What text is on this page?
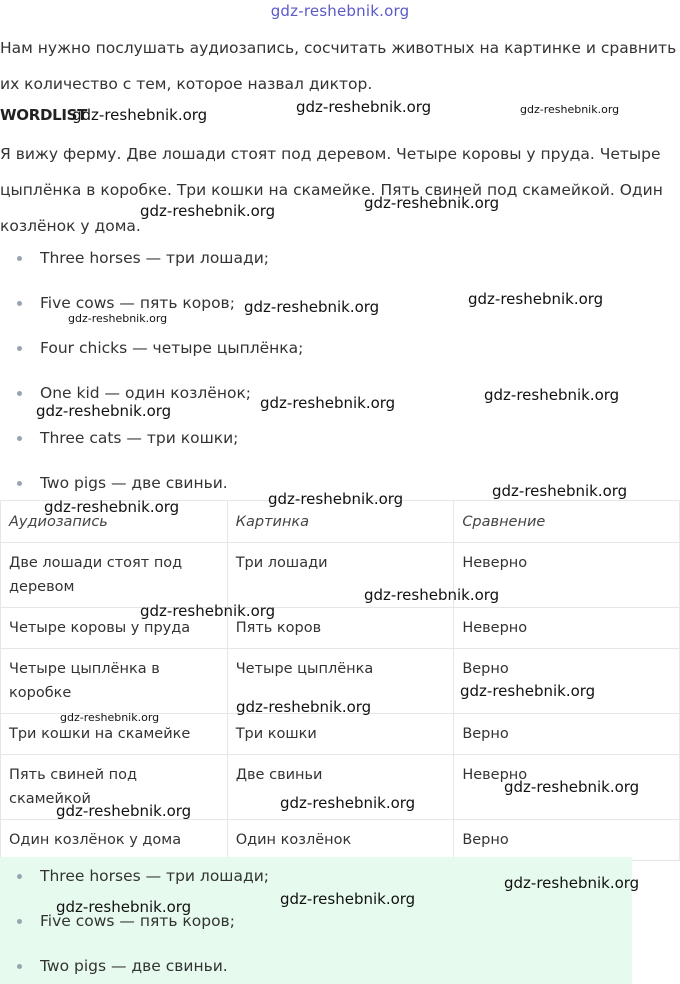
gdz-reshebnik.org
Нам нужно послушать аудиозапись, сосчитать животных на картинке и сравнить их количество с тем, которое назвал диктор.
WORDLIST
Я вижу ферму. Две лошади стоят под деревом. Четыре коровы у пруда. Четыре цыплёнка в коробке. Три кошки на скамейке. Пять свиней под скамейкой. Один козлёнок у дома.
Three horses — три лошади;
Five cows — пять коров;
Four chicks — четыре цыплёнка;
One kid — один козлёнок;
Three cats — три кошки;
Two pigs — две свиньи.
Аудиозапись	Картинка	Сравнение
Две лошади стоят под деревом	Три лошади	Неверно
Четыре коровы у пруда	Пять коров	Неверно
Четыре цыплёнка в коробке	Четыре цыплёнка	Верно
Три кошки на скамейке	Три кошки	Верно
Пять свиней под скамейкой	Две свиньи	Неверно
Один козлёнок у дома	Один козлёнок	Верно
Three horses — три лошади;
Five cows — пять коров;
Two pigs — две свиньи.
gdz-reshebnik.org	gdz-reshebnik.org	gdz-reshebnik.org
gdz-reshebnik.org	gdz-reshebnik.org
gdz-reshebnik.org	gdz-reshebnik.org
gdz-reshebnik.org
gdz-reshebnik.org	gdz-reshebnik.org
gdz-reshebnik.org
gdz-reshebnik.org	gdz-reshebnik.org
gdz-reshebnik.org
gdz-reshebnik.org
gdz-reshebnik.org
gdz-reshebnik.org
gdz-reshebnik.org
gdz-reshebnik.org
gdz-reshebnik.org
gdz-reshebnik.org
gdz-reshebnik.org
gdz-reshebnik.org
gdz-reshebnik.org
gdz-reshebnik.org
